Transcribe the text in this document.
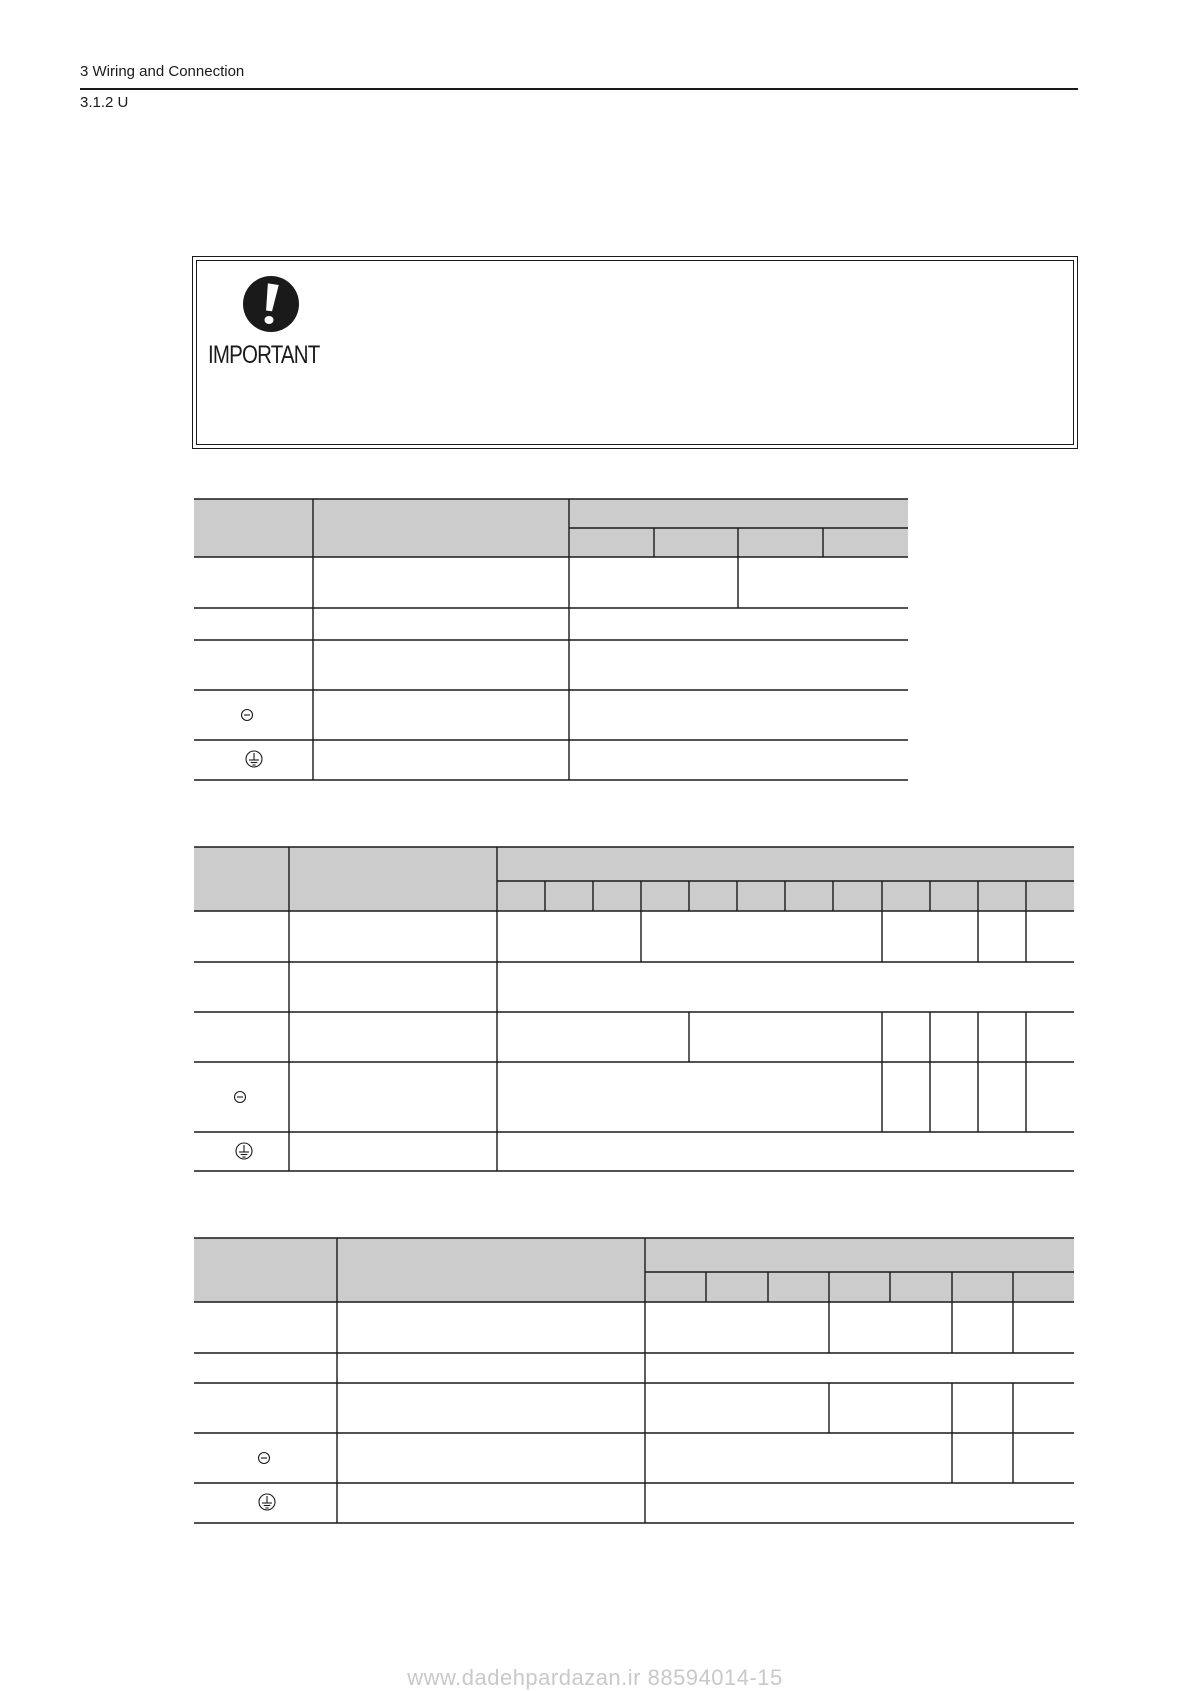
3 Wiring and Connection
3.1.2 U
IMPORTANT
www.dadehpardazan.ir 88594014-15
